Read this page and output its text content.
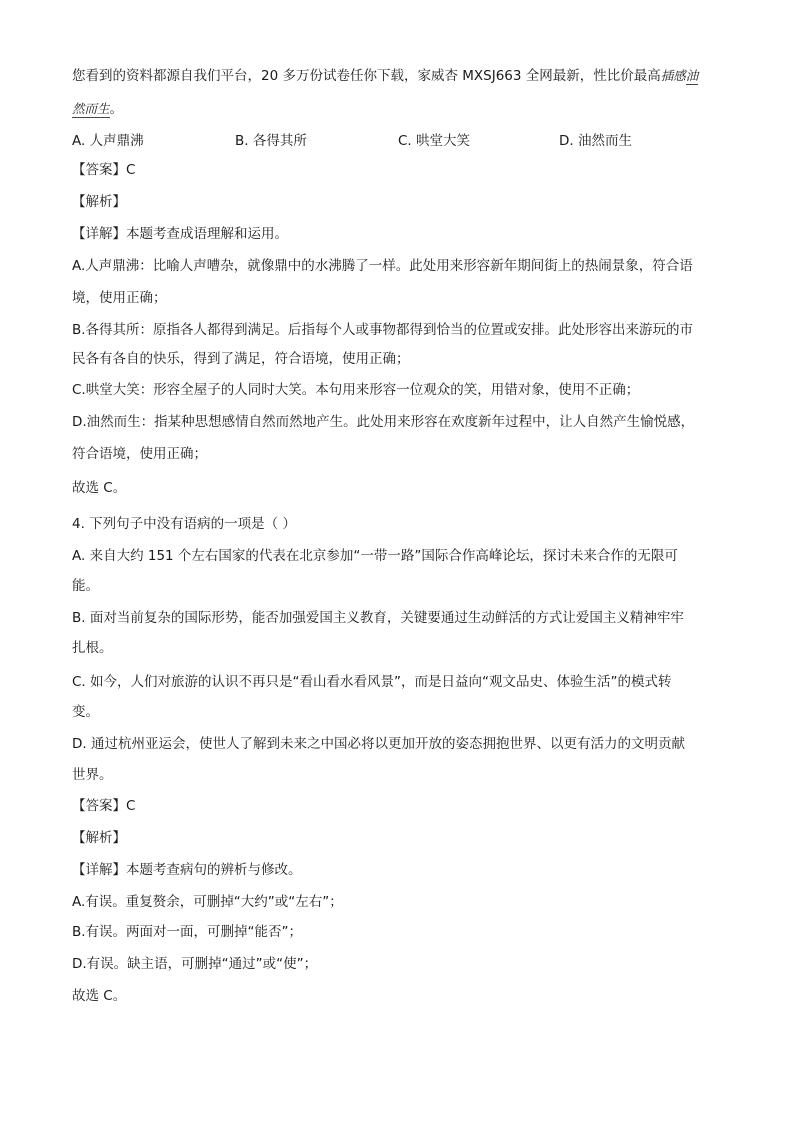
您看到的资料都源自我们平台，20 多万份试卷任你下载，家威杏 MXSJ663 全网最新，性比价最高插感油
然而生。
A. 人声鼎沸	B. 各得其所	C. 哄堂大笑	D. 油然而生
【答案】C
【解析】
【详解】本题考查成语理解和运用。
A.人声鼎沸：比喻人声嘈杂，就像鼎中的水沸腾了一样。此处用来形容新年期间街上的热闹景象，符合语
境，使用正确；
B.各得其所：原指各人都得到满足。后指每个人或事物都得到恰当的位置或安排。此处形容出来游玩的市
民各有各自的快乐，得到了满足，符合语境，使用正确；
C.哄堂大笑：形容全屋子的人同时大笑。本句用来形容一位观众的笑，用错对象，使用不正确；
D.油然而生：指某种思想感情自然而然地产生。此处用来形容在欢度新年过程中，让人自然产生愉悦感，
符合语境，使用正确；
故选 C。
4. 下列句子中没有语病的一项是（ ）
A. 来自大约 151 个左右国家的代表在北京参加“一带一路”国际合作高峰论坛，探讨未来合作的无限可
能。
B. 面对当前复杂的国际形势，能否加强爱国主义教育，关键要通过生动鲜活的方式让爱国主义精神牢牢
扎根。
C. 如今，人们对旅游的认识不再只是“看山看水看风景”，而是日益向“观文品史、体验生活”的模式转
变。
D. 通过杭州亚运会，使世人了解到未来之中国必将以更加开放的姿态拥抱世界、以更有活力的文明贡献
世界。
【答案】C
【解析】
【详解】本题考查病句的辨析与修改。
A.有误。重复赘余，可删掉“大约”或“左右”；
B.有误。两面对一面，可删掉“能否”；
D.有误。缺主语，可删掉“通过”或“使”；
故选 C。
